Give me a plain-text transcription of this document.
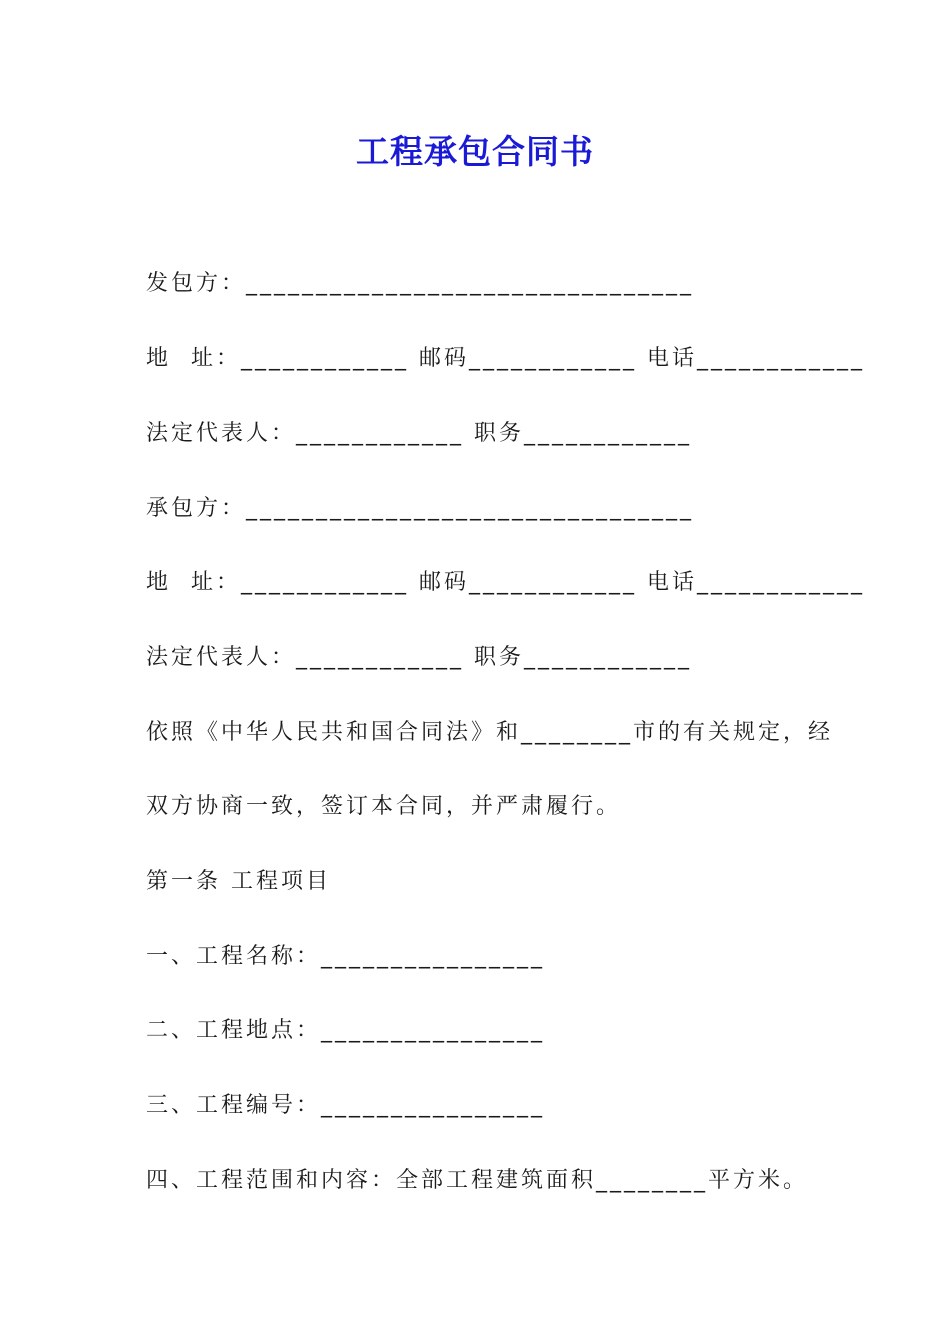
工程承包合同书
发包方：________________________________
地  址：____________ 邮码____________ 电话____________
法定代表人：____________ 职务____________
承包方：________________________________
地  址：____________ 邮码____________ 电话____________
法定代表人：____________ 职务____________
依照《中华人民共和国合同法》和________市的有关规定，经
双方协商一致，签订本合同，并严肃履行。
第一条 工程项目
一、工程名称：________________
二、工程地点：________________
三、工程编号：________________
四、工程范围和内容：全部工程建筑面积________平方米。
